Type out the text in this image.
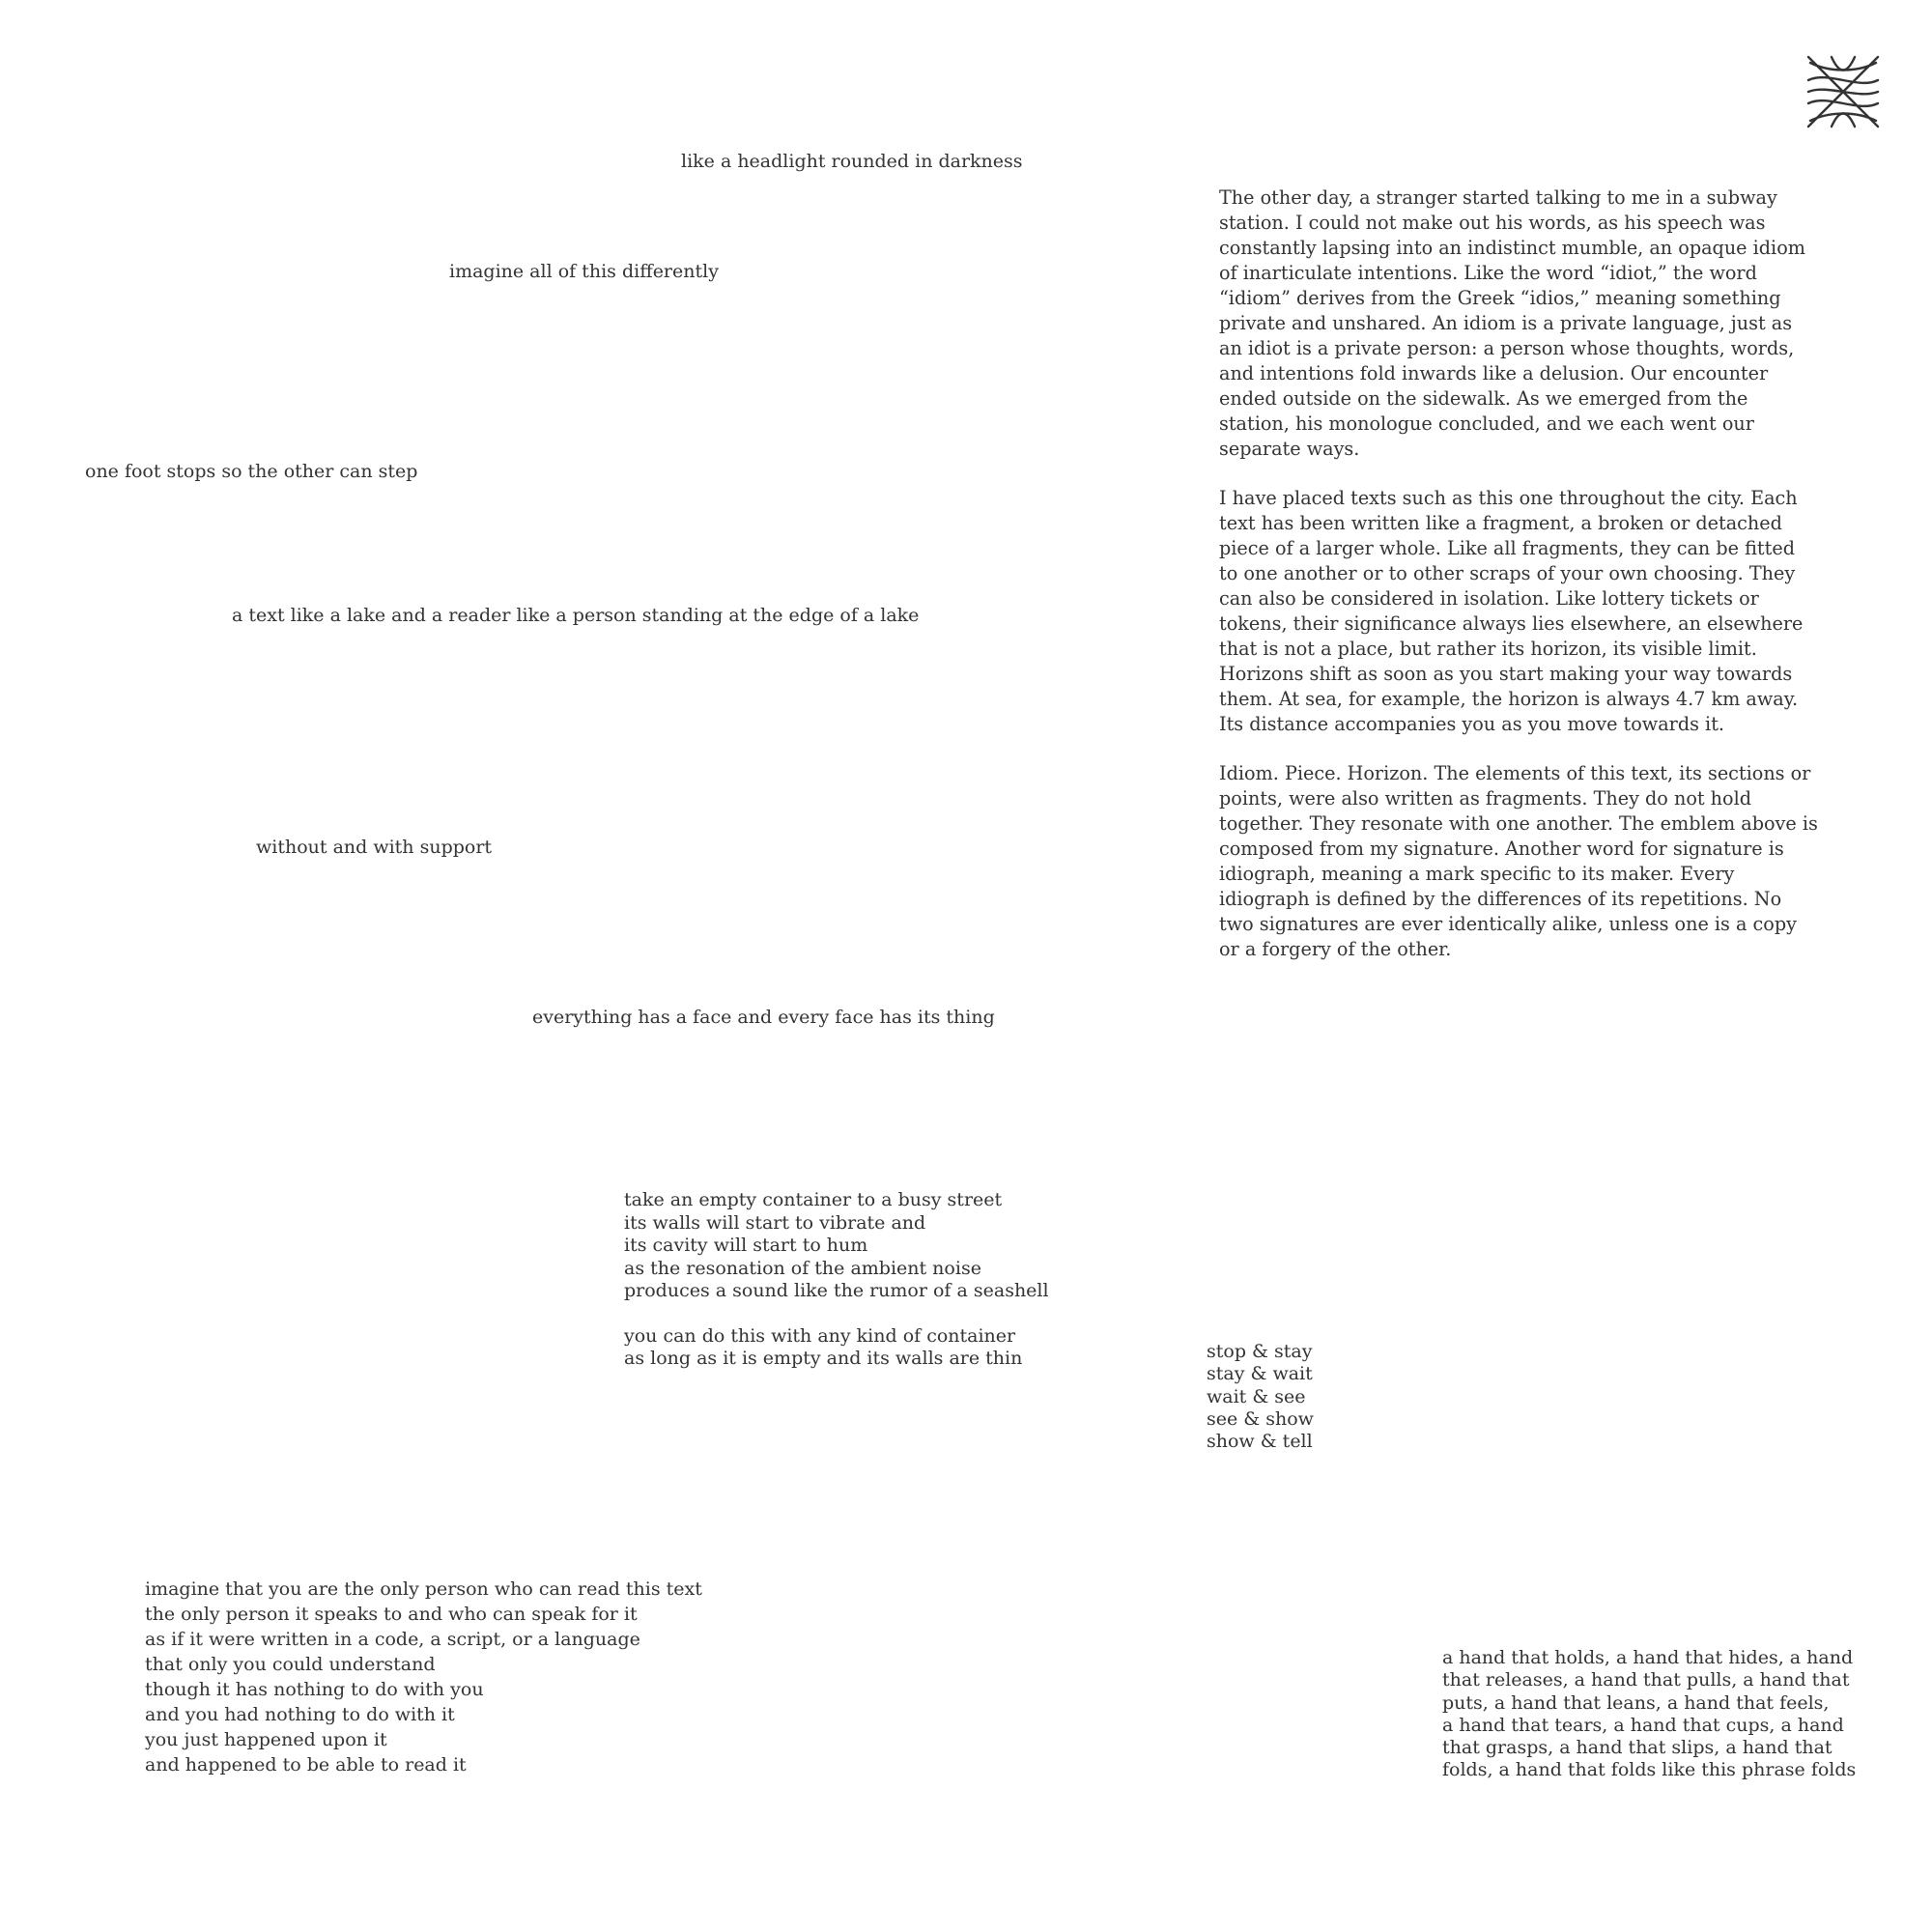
like a headlight rounded in darkness

imagine all of this differently

one foot stops so the other can step

a text like a lake and a reader like a person standing at the edge of a lake

without and with support

everything has a face and every face has its thing

The other day, a stranger started talking to me in a subway station. I could not make out his words, as his speech was constantly lapsing into an indistinct mumble, an opaque idiom of inarticulate intentions. Like the word “idiot,” the word “idiom” derives from the Greek “idios,” meaning something private and unshared. An idiom is a private language, just as an idiot is a private person: a person whose thoughts, words, and intentions fold inwards like a delusion. Our encounter ended outside on the sidewalk. As we emerged from the station, his monologue concluded, and we each went our separate ways.

I have placed texts such as this one throughout the city. Each text has been written like a fragment, a broken or detached piece of a larger whole. Like all fragments, they can be fitted to one another or to other scraps of your own choosing. They can also be considered in isolation. Like lottery tickets or tokens, their significance always lies elsewhere, an elsewhere that is not a place, but rather its horizon, its visible limit. Horizons shift as soon as you start making your way towards them. At sea, for example, the horizon is always 4.7 km away. Its distance accompanies you as you move towards it.

Idiom. Piece. Horizon. The elements of this text, its sections or points, were also written as fragments. They do not hold together. They resonate with one another. The emblem above is composed from my signature. Another word for signature is idiograph, meaning a mark specific to its maker. Every idiograph is defined by the differences of its repetitions. No two signatures are ever identically alike, unless one is a copy or a forgery of the other.

take an empty container to a busy street
its walls will start to vibrate and
its cavity will start to hum
as the resonation of the ambient noise
produces a sound like the rumor of a seashell
you can do this with any kind of container
as long as it is empty and its walls are thin	stop & stay
stay & wait
wait & see
see & show
show & tell
imagine that you are the only person who can read this text
the only person it speaks to and who can speak for it
as if it were written in a code, a script, or a language
that only you could understand
though it has nothing to do with you
and you had nothing to do with it
you just happened upon it
and happened to be able to read it
a hand that holds, a hand that hides, a hand
that releases, a hand that pulls, a hand that
puts, a hand that leans, a hand that feels,
a hand that tears, a hand that cups, a hand
that grasps, a hand that slips, a hand that
folds, a hand that folds like this phrase folds
